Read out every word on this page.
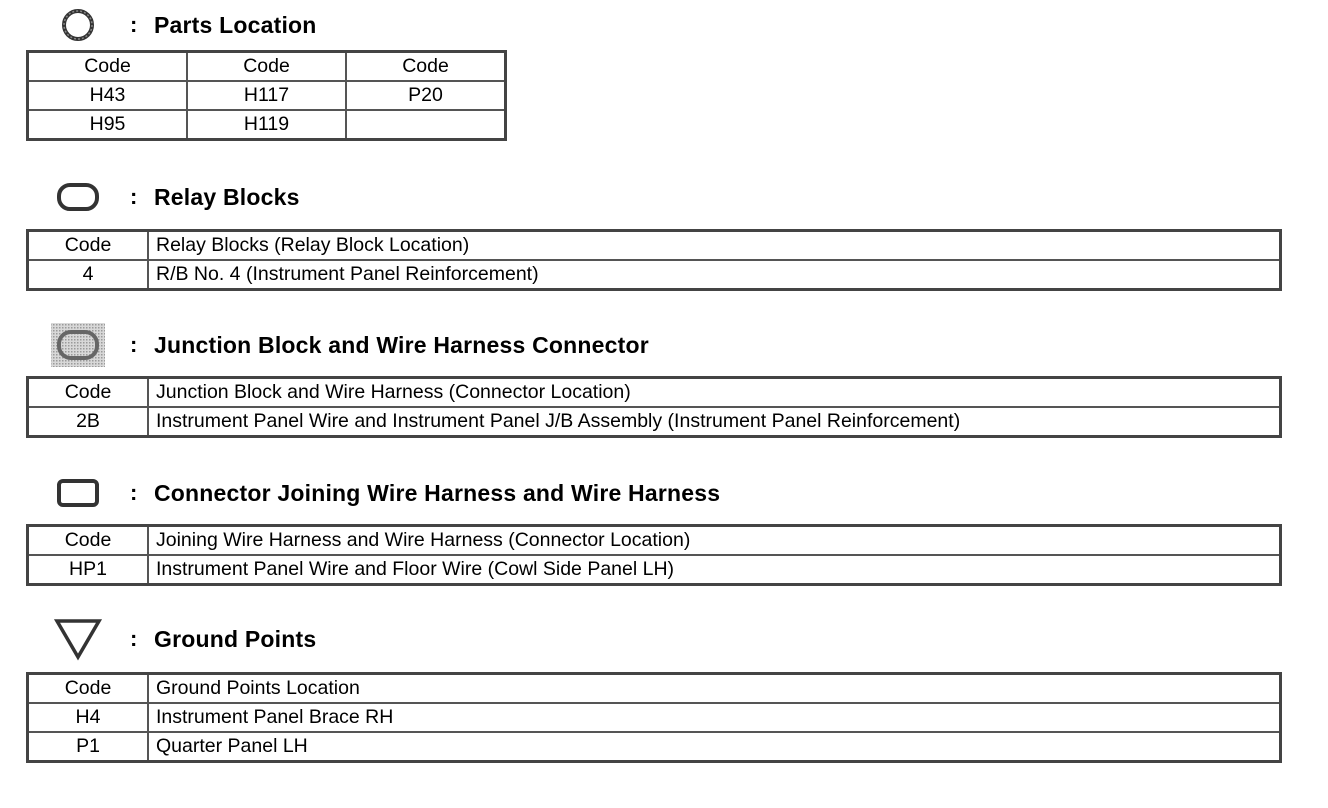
: Parts Location
Code	Code	Code
H43	H117	P20
H95	H119	
: Relay Blocks
Code	Relay Blocks (Relay Block Location)
4	R/B No. 4 (Instrument Panel Reinforcement)
: Junction Block and Wire Harness Connector
Code	Junction Block and Wire Harness (Connector Location)
2B	Instrument Panel Wire and Instrument Panel J/B Assembly (Instrument Panel Reinforcement)
: Connector Joining Wire Harness and Wire Harness
Code	Joining Wire Harness and Wire Harness (Connector Location)
HP1	Instrument Panel Wire and Floor Wire (Cowl Side Panel LH)
: Ground Points
Code	Ground Points Location
H4	Instrument Panel Brace RH
P1	Quarter Panel LH
